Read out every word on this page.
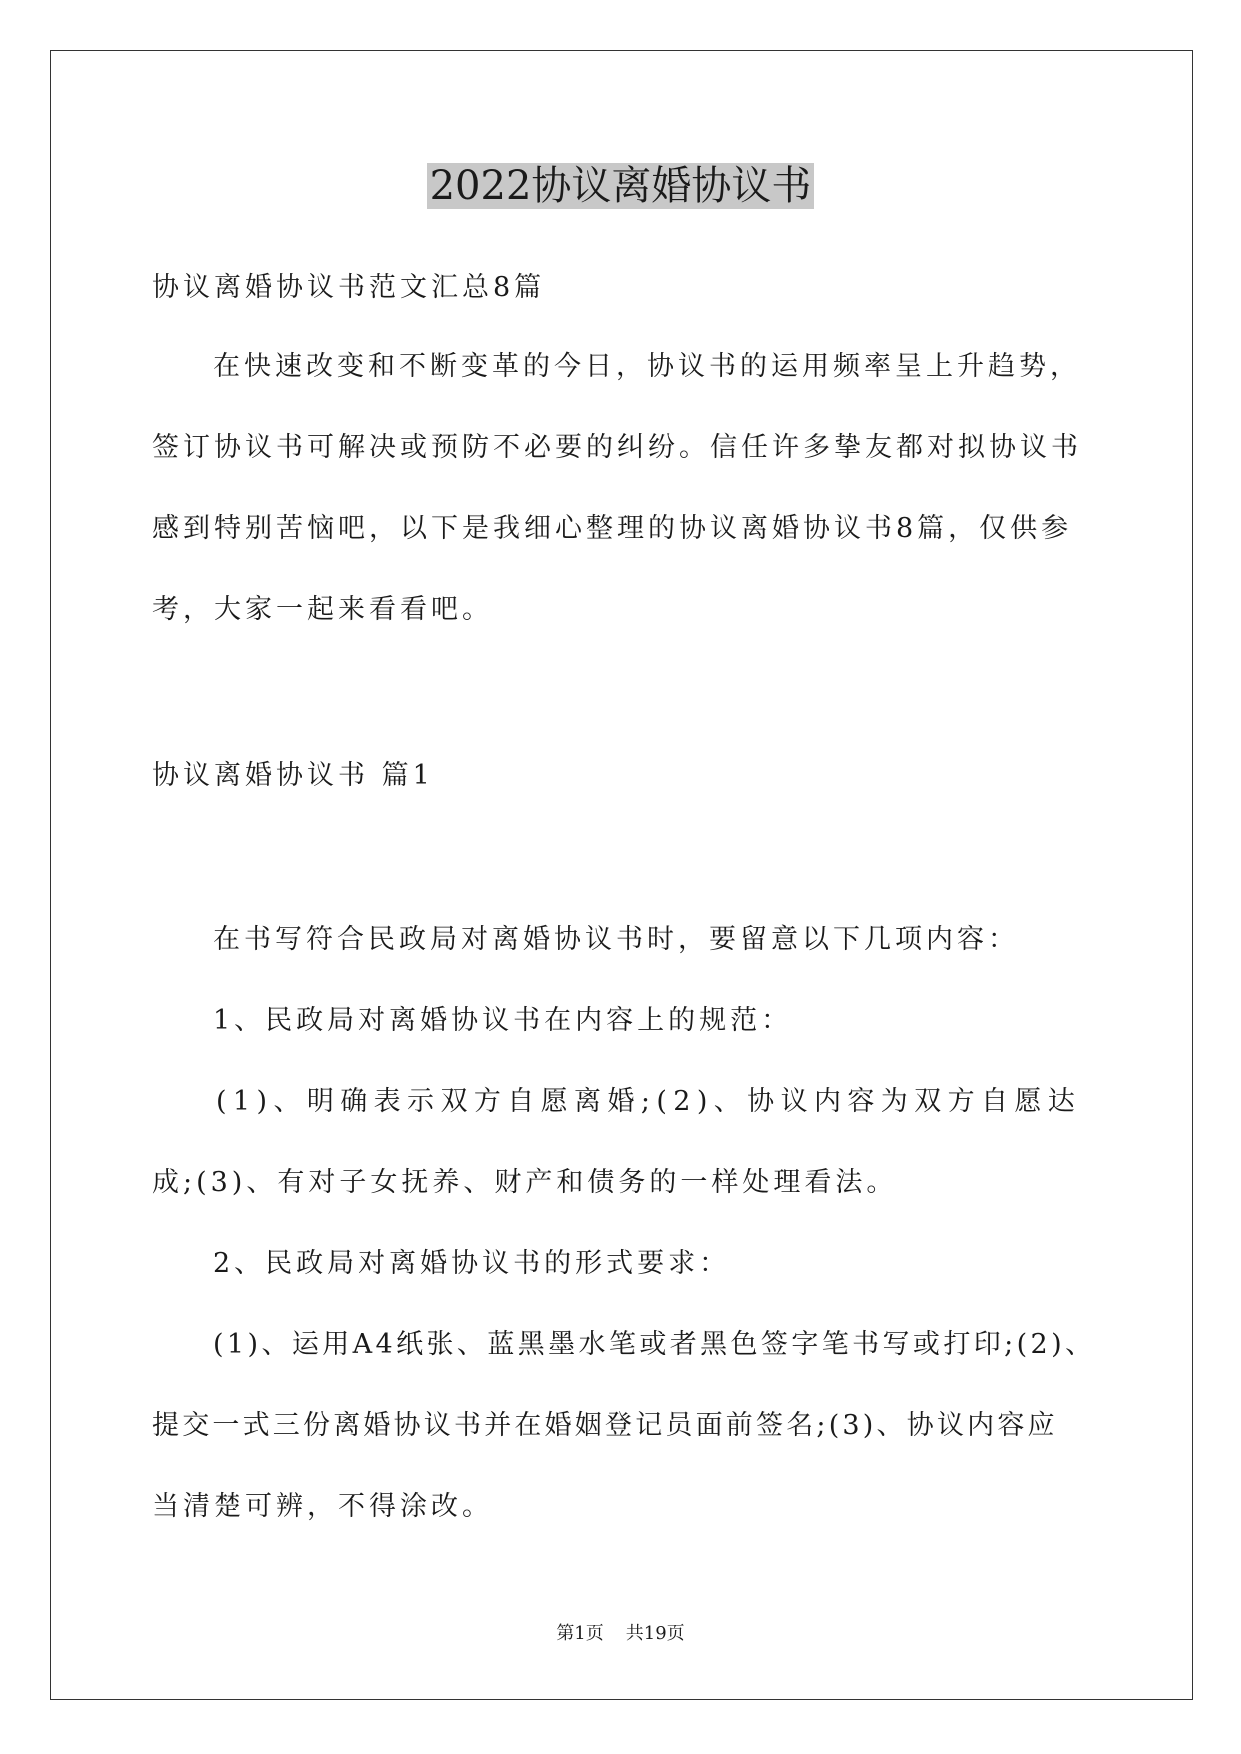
2022协议离婚协议书
协议离婚协议书范文汇总8篇
在快速改变和不断变革的今日，协议书的运用频率呈上升趋势，
签订协议书可解决或预防不必要的纠纷。信任许多挚友都对拟协议书
感到特别苦恼吧，以下是我细心整理的协议离婚协议书8篇，仅供参
考，大家一起来看看吧。
协议离婚协议书 篇1
在书写符合民政局对离婚协议书时，要留意以下几项内容：
1、民政局对离婚协议书在内容上的规范：
(1)、明确表示双方自愿离婚;(2)、协议内容为双方自愿达
成;(3)、有对子女抚养、财产和债务的一样处理看法。
2、民政局对离婚协议书的形式要求：
(1)、运用A4纸张、蓝黑墨水笔或者黑色签字笔书写或打印;(2)、
提交一式三份离婚协议书并在婚姻登记员面前签名;(3)、协议内容应
当清楚可辨，不得涂改。
第1页 共19页
